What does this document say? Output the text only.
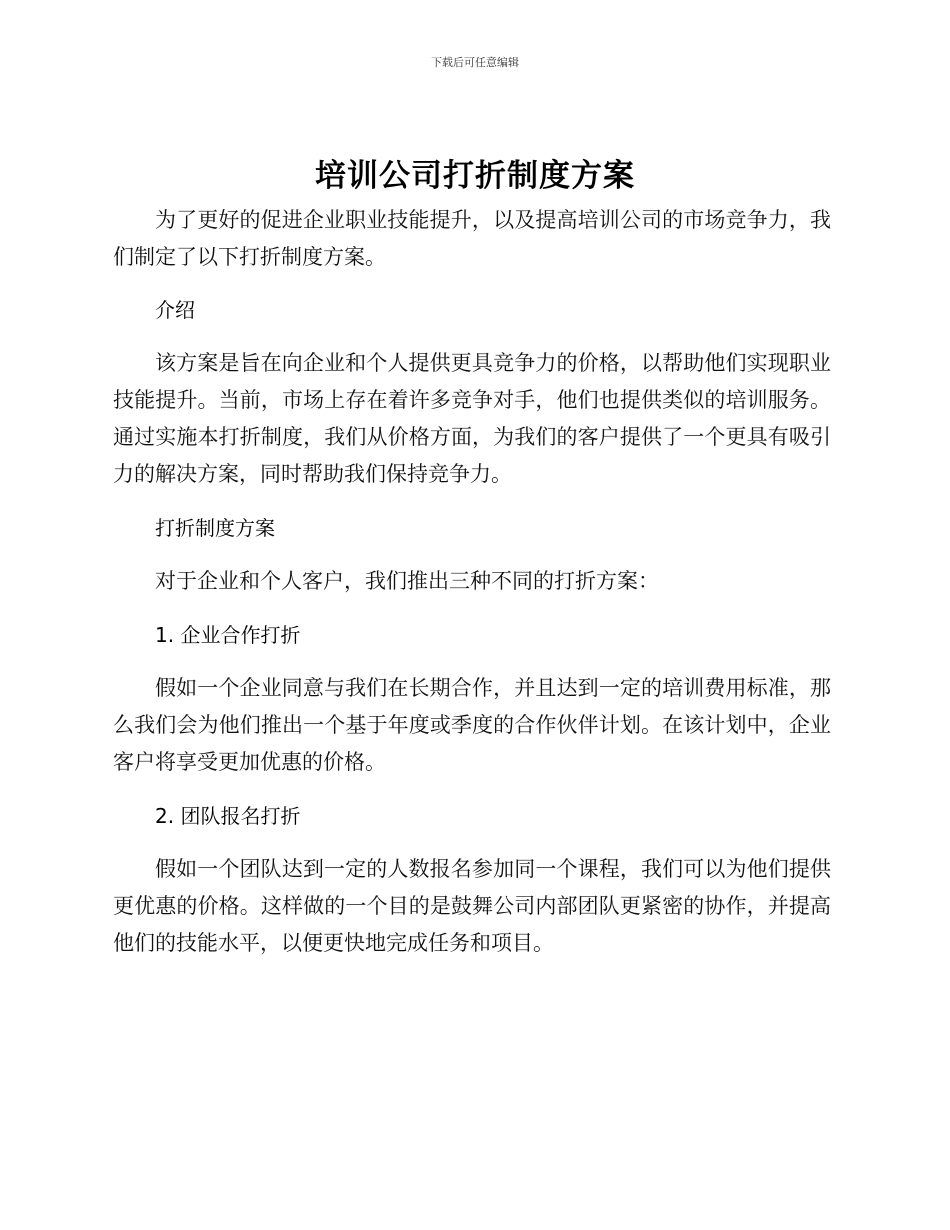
下载后可任意编辑
培训公司打折制度方案

为了更好的促进企业职业技能提升，以及提高培训公司的市场竞争力，我们制定了以下打折制度方案。

介绍

该方案是旨在向企业和个人提供更具竞争力的价格，以帮助他们实现职业技能提升。当前，市场上存在着许多竞争对手，他们也提供类似的培训服务。通过实施本打折制度，我们从价格方面，为我们的客户提供了一个更具有吸引力的解决方案，同时帮助我们保持竞争力。

打折制度方案

对于企业和个人客户，我们推出三种不同的打折方案：

1. 企业合作打折

假如一个企业同意与我们在长期合作，并且达到一定的培训费用标准，那么我们会为他们推出一个基于年度或季度的合作伙伴计划。在该计划中，企业客户将享受更加优惠的价格。

2. 团队报名打折

假如一个团队达到一定的人数报名参加同一个课程，我们可以为他们提供更优惠的价格。这样做的一个目的是鼓舞公司内部团队更紧密的协作，并提高他们的技能水平，以便更快地完成任务和项目。
